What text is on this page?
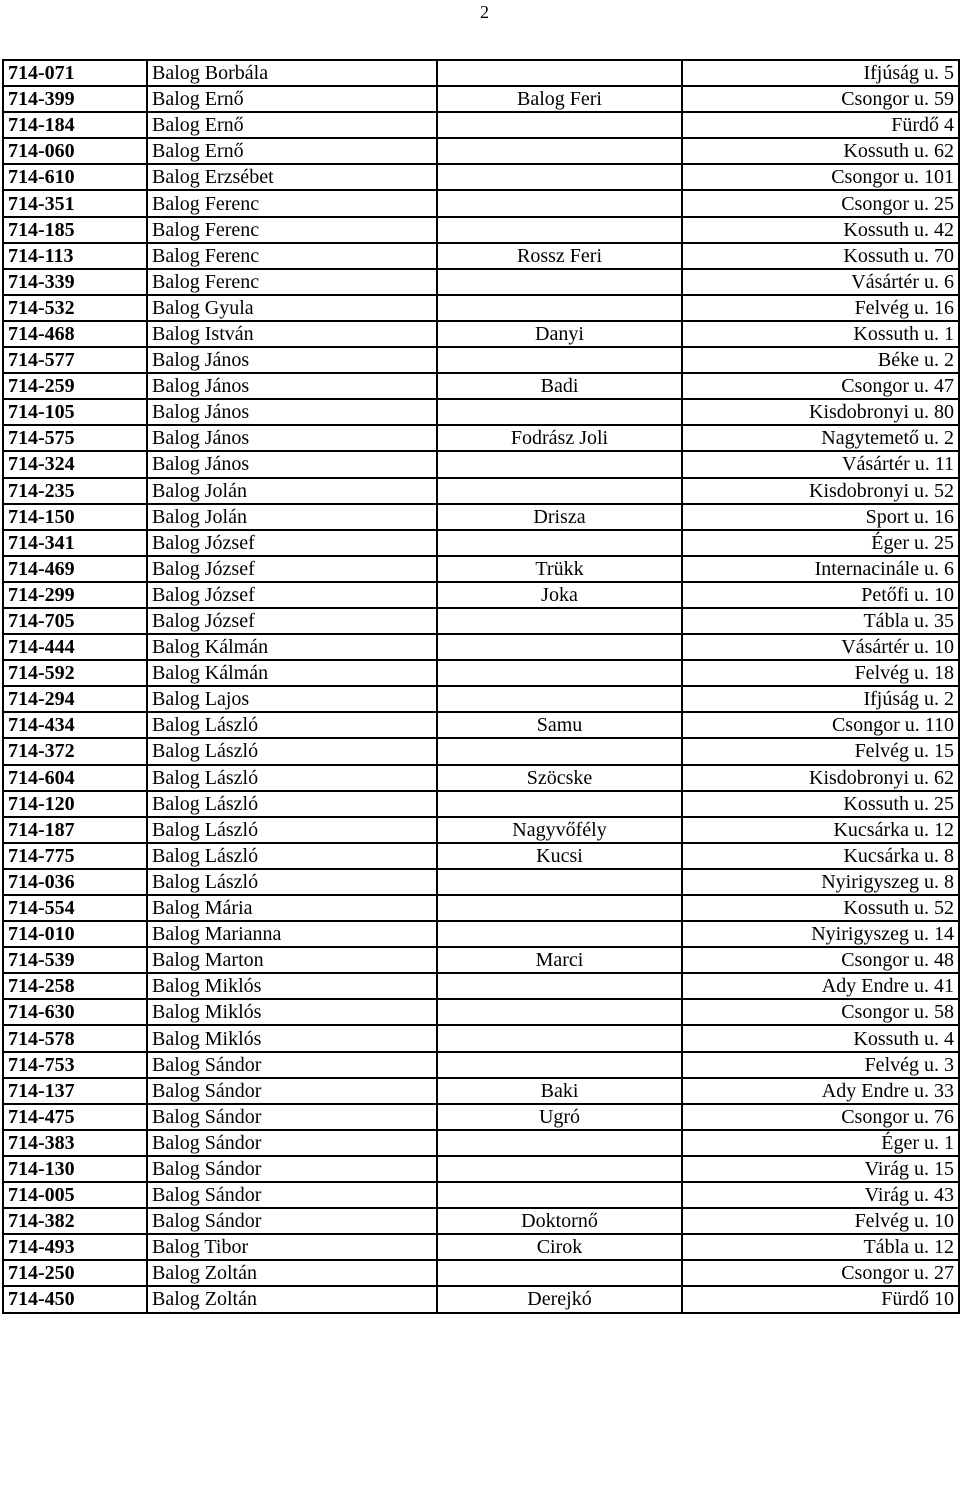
2
714-071	Balog Borbála		Ifjúság u. 5
714-399	Balog Ernő	Balog Feri	Csongor u. 59
714-184	Balog Ernő		Fürdő 4
714-060	Balog Ernő		Kossuth u. 62
714-610	Balog Erzsébet		Csongor u. 101
714-351	Balog Ferenc		Csongor u. 25
714-185	Balog Ferenc		Kossuth u. 42
714-113	Balog Ferenc	Rossz Feri	Kossuth u. 70
714-339	Balog Ferenc		Vásártér u. 6
714-532	Balog Gyula		Felvég u. 16
714-468	Balog István	Danyi	Kossuth u. 1
714-577	Balog János		Béke u. 2
714-259	Balog János	Badi	Csongor u. 47
714-105	Balog János		Kisdobronyi u. 80
714-575	Balog János	Fodrász Joli	Nagytemető u. 2
714-324	Balog János		Vásártér u. 11
714-235	Balog Jolán		Kisdobronyi u. 52
714-150	Balog Jolán	Drisza	Sport u. 16
714-341	Balog József		Éger u. 25
714-469	Balog József	Trükk	Internacinále u. 6
714-299	Balog József	Joka	Petőfi u. 10
714-705	Balog József		Tábla u. 35
714-444	Balog Kálmán		Vásártér u. 10
714-592	Balog Kálmán		Felvég u. 18
714-294	Balog Lajos		Ifjúság u. 2
714-434	Balog László	Samu	Csongor u. 110
714-372	Balog László		Felvég u. 15
714-604	Balog László	Szöcske	Kisdobronyi u. 62
714-120	Balog László		Kossuth u. 25
714-187	Balog László	Nagyvőfély	Kucsárka u. 12
714-775	Balog László	Kucsi	Kucsárka u. 8
714-036	Balog László		Nyirigyszeg u. 8
714-554	Balog Mária		Kossuth u. 52
714-010	Balog Marianna		Nyirigyszeg u. 14
714-539	Balog Marton	Marci	Csongor u. 48
714-258	Balog Miklós		Ady Endre u. 41
714-630	Balog Miklós		Csongor u. 58
714-578	Balog Miklós		Kossuth u. 4
714-753	Balog Sándor		Felvég u. 3
714-137	Balog Sándor	Baki	Ady Endre u. 33
714-475	Balog Sándor	Ugró	Csongor u. 76
714-383	Balog Sándor		Éger u. 1
714-130	Balog Sándor		Virág u. 15
714-005	Balog Sándor		Virág u. 43
714-382	Balog Sándor	Doktornő	Felvég u. 10
714-493	Balog Tibor	Cirok	Tábla u. 12
714-250	Balog Zoltán		Csongor u. 27
714-450	Balog Zoltán	Derejkó	Fürdő 10
